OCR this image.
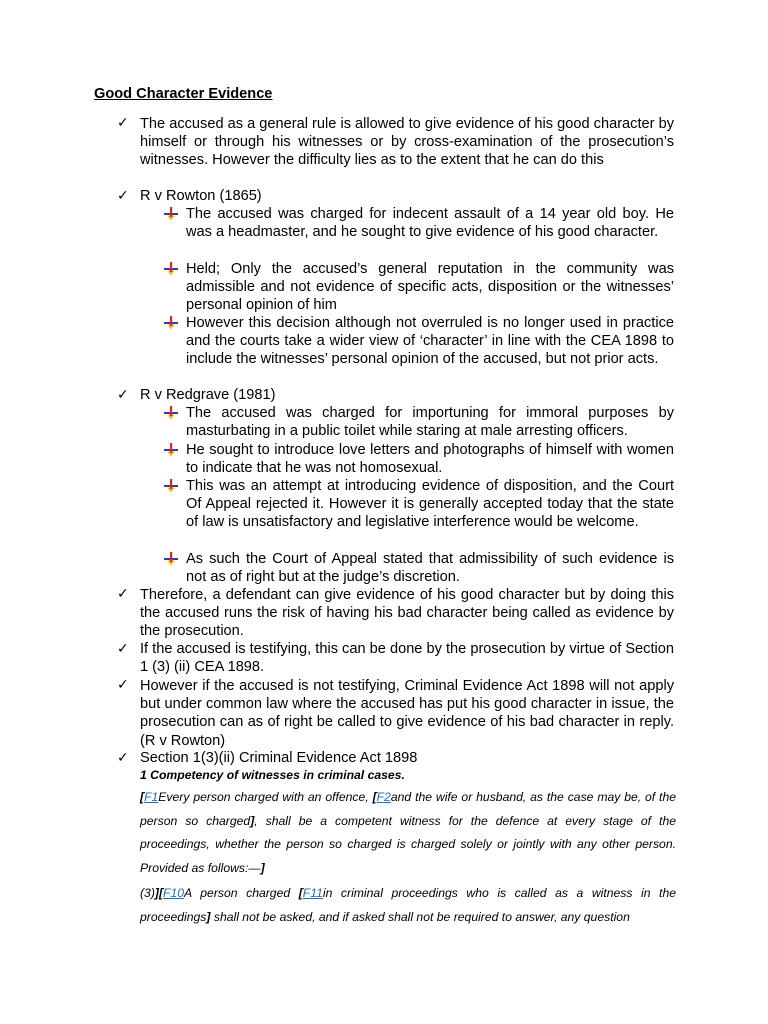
Good Character Evidence
✓ The accused as a general rule is allowed to give evidence of his good character by himself or through his witnesses or by cross-examination of the prosecution’s witnesses. However the difficulty lies as to the extent that he can do this
✓ R v Rowton (1865)
The accused was charged for indecent assault of a 14 year old boy. He was a headmaster, and he sought to give evidence of his good character.
Held; Only the accused’s general reputation in the community was admissible and not evidence of specific acts, disposition or the witnesses’ personal opinion of him
However this decision although not overruled is no longer used in practice and the courts take a wider view of ‘character’ in line with the CEA 1898 to include the witnesses’ personal opinion of the accused, but not prior acts.
✓ R v Redgrave (1981)
The accused was charged for importuning for immoral purposes by masturbating in a public toilet while staring at male arresting officers.
He sought to introduce love letters and photographs of himself with women to indicate that he was not homosexual.
This was an attempt at introducing evidence of disposition, and the Court Of Appeal rejected it. However it is generally accepted today that the state of law is unsatisfactory and legislative interference would be welcome.
As such the Court of Appeal stated that admissibility of such evidence is not as of right but at the judge’s discretion.
✓ Therefore, a defendant can give evidence of his good character but by doing this the accused runs the risk of having his bad character being called as evidence by the prosecution.
✓ If the accused is testifying, this can be done by the prosecution by virtue of Section 1 (3) (ii) CEA 1898.
✓ However if the accused is not testifying, Criminal Evidence Act 1898 will not apply but under common law where the accused has put his good character in issue, the prosecution can as of right be called to give evidence of his bad character in reply. (R v Rowton)
✓ Section 1(3)(ii) Criminal Evidence Act 1898
1 Competency of witnesses in criminal cases.
[F1Every person charged with an offence, [F2and the wife or husband, as the case may be, of the person so charged], shall be a competent witness for the defence at every stage of the proceedings, whether the person so charged is charged solely or jointly with any other person. Provided as follows:—]
(3)][F10A person charged [F11in criminal proceedings who is called as a witness in the proceedings] shall not be asked, and if asked shall not be required to answer, any question
